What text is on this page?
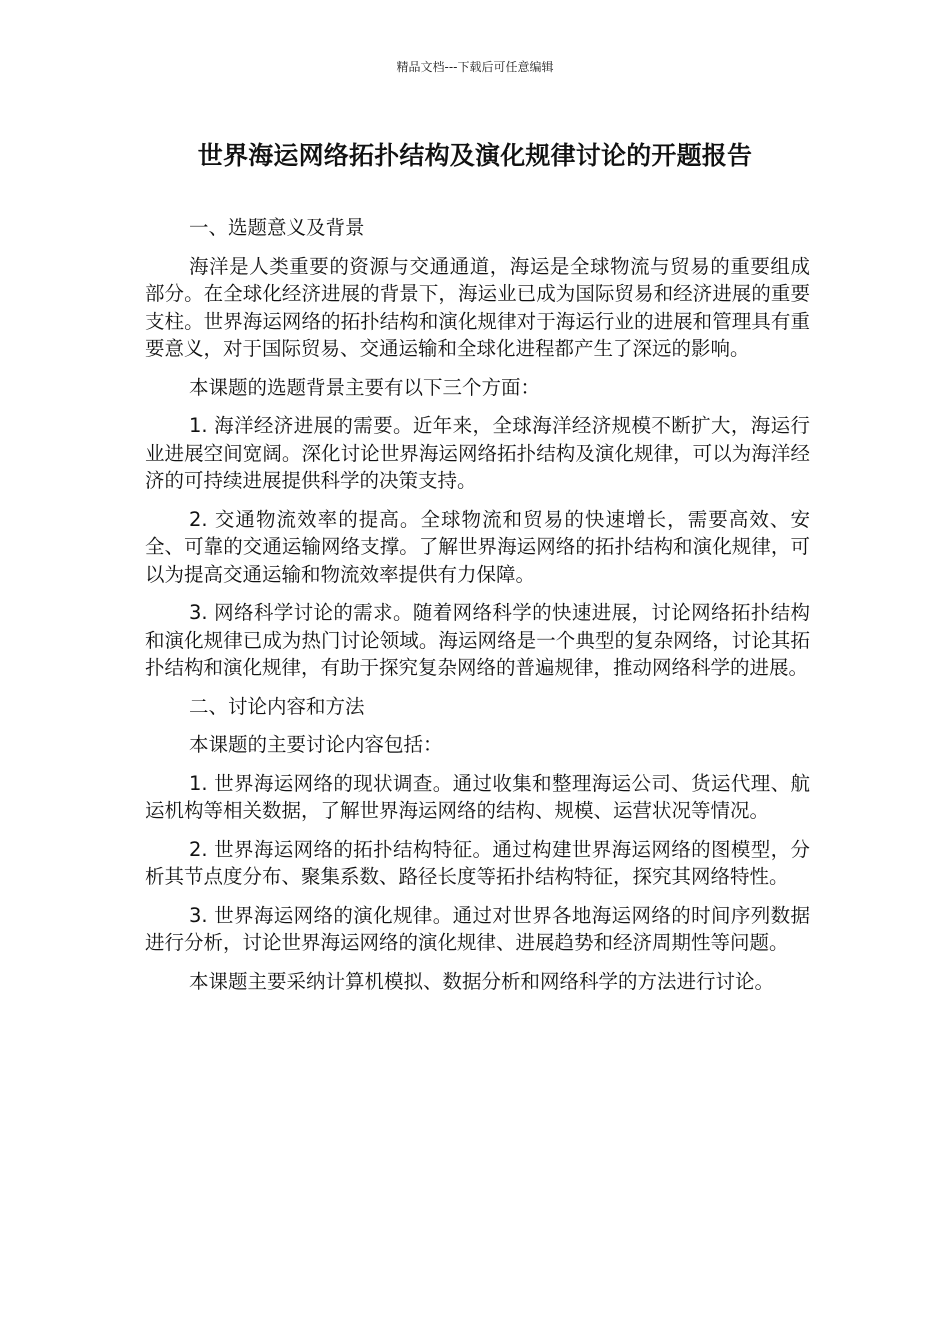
精品文档---下载后可任意编辑
世界海运网络拓扑结构及演化规律讨论的开题报告

一、选题意义及背景

海洋是人类重要的资源与交通通道，海运是全球物流与贸易的重要组成部分。在全球化经济进展的背景下，海运业已成为国际贸易和经济进展的重要支柱。世界海运网络的拓扑结构和演化规律对于海运行业的进展和管理具有重要意义，对于国际贸易、交通运输和全球化进程都产生了深远的影响。

本课题的选题背景主要有以下三个方面：

1. 海洋经济进展的需要。近年来，全球海洋经济规模不断扩大，海运行业进展空间宽阔。深化讨论世界海运网络拓扑结构及演化规律，可以为海洋经济的可持续进展提供科学的决策支持。

2. 交通物流效率的提高。全球物流和贸易的快速增长，需要高效、安全、可靠的交通运输网络支撑。了解世界海运网络的拓扑结构和演化规律，可以为提高交通运输和物流效率提供有力保障。

3. 网络科学讨论的需求。随着网络科学的快速进展，讨论网络拓扑结构和演化规律已成为热门讨论领域。海运网络是一个典型的复杂网络，讨论其拓扑结构和演化规律，有助于探究复杂网络的普遍规律，推动网络科学的进展。

二、讨论内容和方法

本课题的主要讨论内容包括：

1. 世界海运网络的现状调查。通过收集和整理海运公司、货运代理、航运机构等相关数据，了解世界海运网络的结构、规模、运营状况等情况。

2. 世界海运网络的拓扑结构特征。通过构建世界海运网络的图模型，分析其节点度分布、聚集系数、路径长度等拓扑结构特征，探究其网络特性。

3. 世界海运网络的演化规律。通过对世界各地海运网络的时间序列数据进行分析，讨论世界海运网络的演化规律、进展趋势和经济周期性等问题。

本课题主要采纳计算机模拟、数据分析和网络科学的方法进行讨论。
